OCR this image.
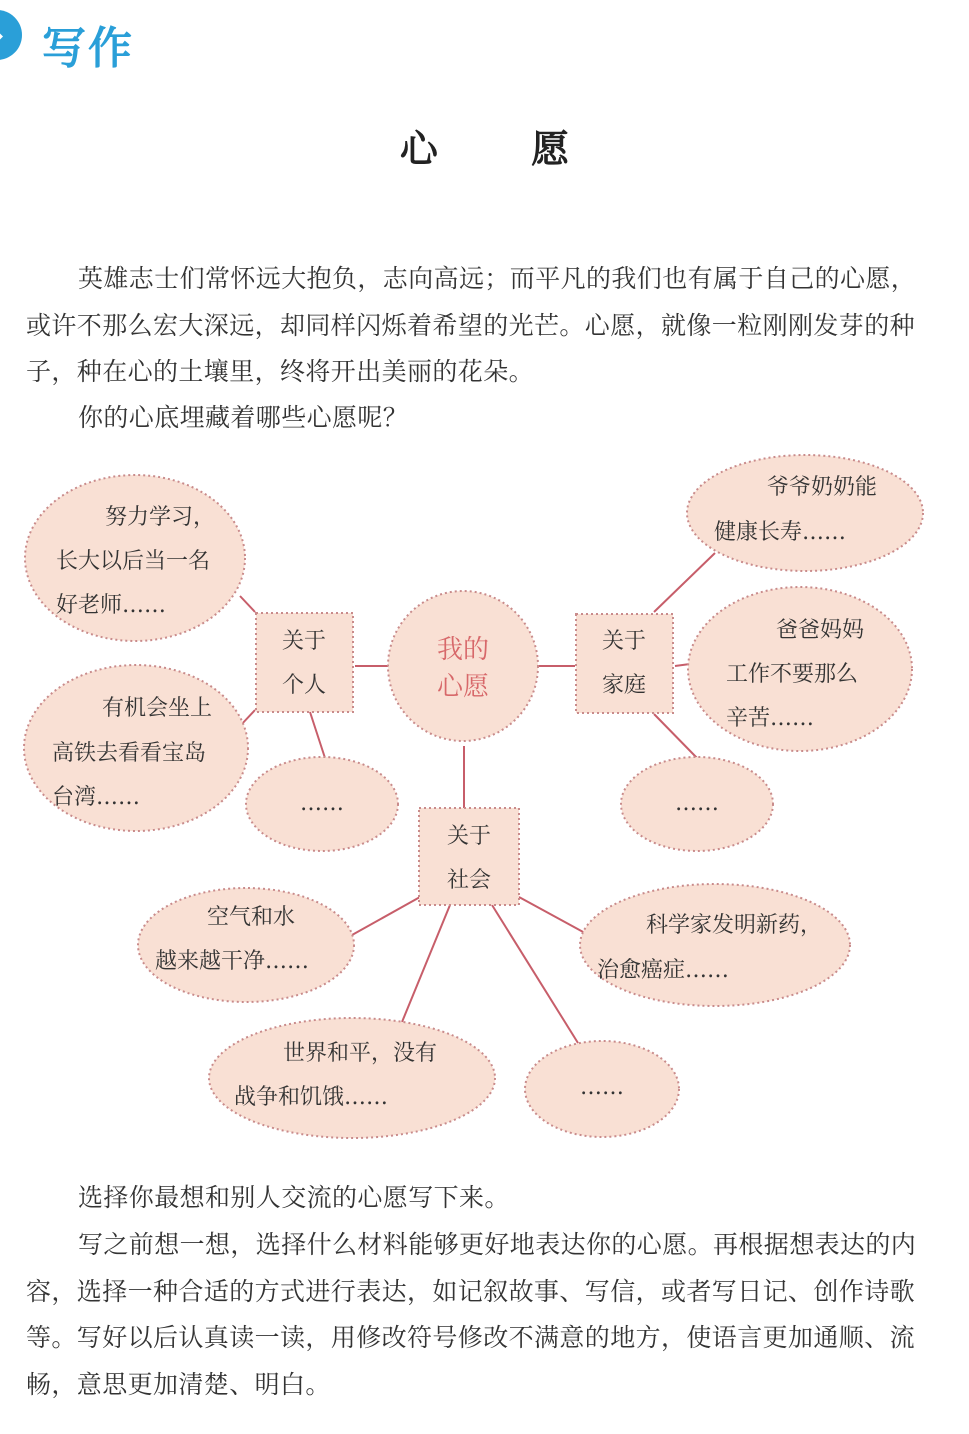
写作
心 愿

英雄志士们常怀远大抱负，志向高远；而平凡的我们也有属于自己的心愿，或许不那么宏大深远，却同样闪烁着希望的光芒。心愿，就像一粒刚刚发芽的种子，种在心的土壤里，终将开出美丽的花朵。

你的心底埋藏着哪些心愿呢？

我的
心愿
关于
个人
关于
家庭
关于
社会
努力学习，
长大以后当一名
好老师……
有机会坐上
高铁去看看宝岛
台湾……	……
爷爷奶奶能
健康长寿……
爸爸妈妈
工作不要那么
辛苦……
……
空气和水
越来越干净……
科学家发明新药，
治愈癌症……
世界和平，没有
战争和饥饿……	……

选择你最想和别人交流的心愿写下来。

写之前想一想，选择什么材料能够更好地表达你的心愿。再根据想表达的内容，选择一种合适的方式进行表达，如记叙故事、写信，或者写日记、创作诗歌等。写好以后认真读一读，用修改符号修改不满意的地方，使语言更加通顺、流畅，意思更加清楚、明白。
